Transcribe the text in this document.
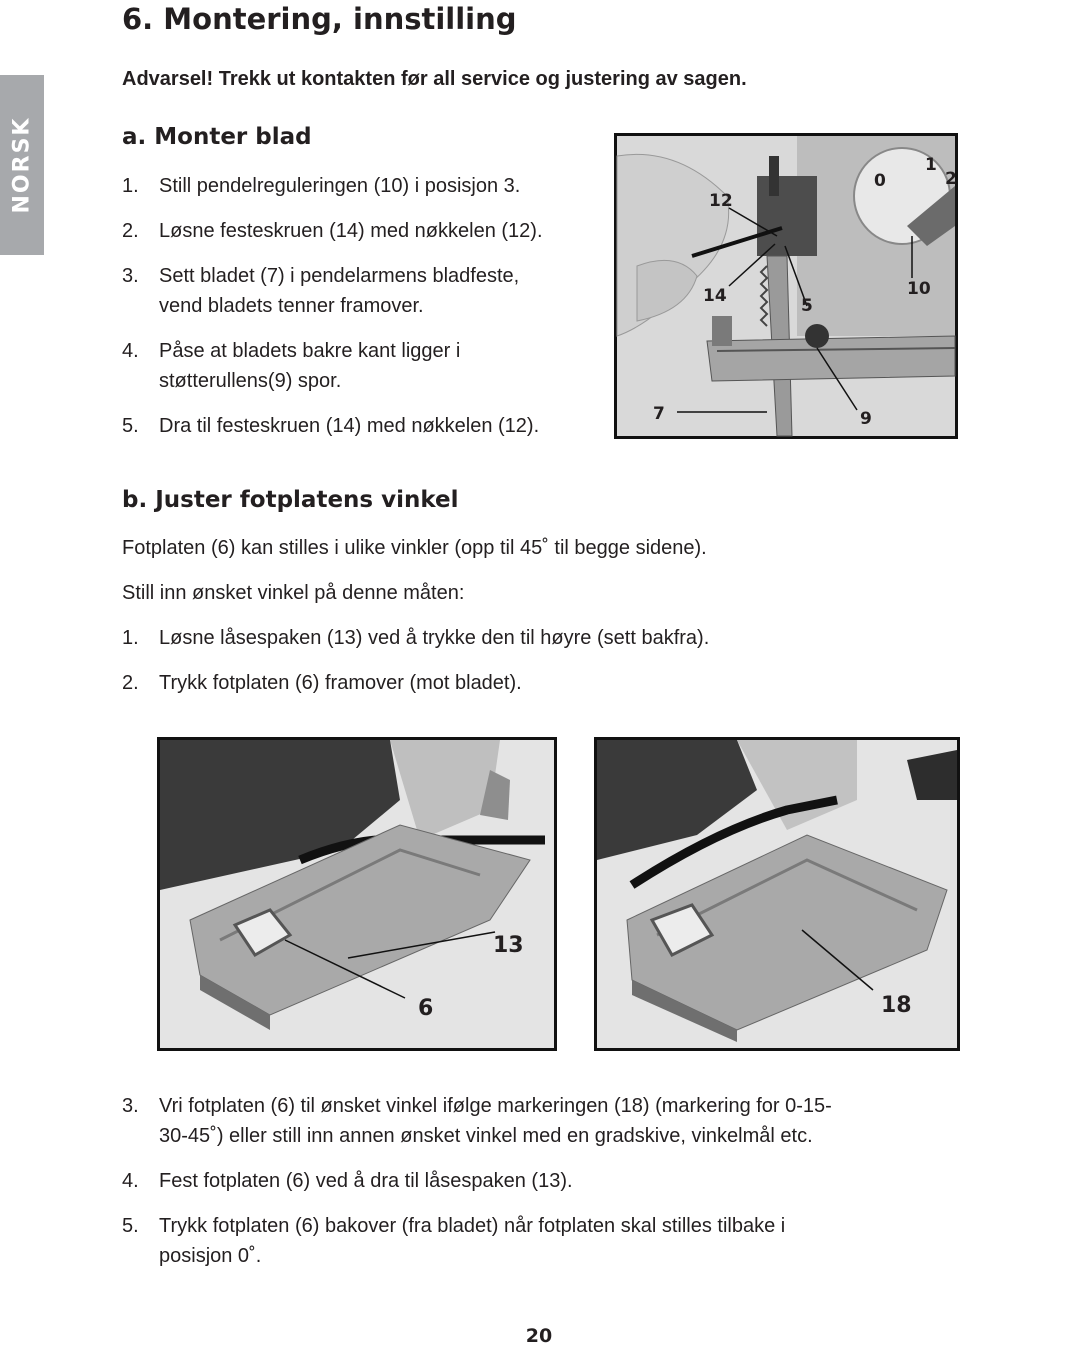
NORSK
6. Montering, innstilling
Advarsel! Trekk ut kontakten før all service og justering av sagen.
a. Monter blad
1. Still pendelreguleringen (10) i posisjon 3.
2. Løsne festeskruen (14) med nøkkelen (12).
3. Sett bladet (7) i pendelarmens bladfeste,
vend bladets tenner framover.
4. Påse at bladets bakre kant ligger i
støtterullens(9) spor.
5. Dra til festeskruen (14) med nøkkelen (12).
0
1
2
12
14	5
10
7	9
b. Juster fotplatens vinkel
Fotplaten (6) kan stilles i ulike vinkler (opp til 45˚ til begge sidene).
Still inn ønsket vinkel på denne måten:
1. Løsne låsespaken (13) ved å trykke den til høyre (sett bakfra).
2. Trykk fotplaten (6) framover (mot bladet).
13
6	18
3. Vri fotplaten (6) til ønsket vinkel ifølge markeringen (18) (markering for 0-15-
30-45˚) eller still inn annen ønsket vinkel med en gradskive, vinkelmål etc.
4. Fest fotplaten (6) ved å dra til låsespaken (13).
5. Trykk fotplaten (6) bakover (fra bladet) når fotplaten skal stilles tilbake i
posisjon 0˚.
20
